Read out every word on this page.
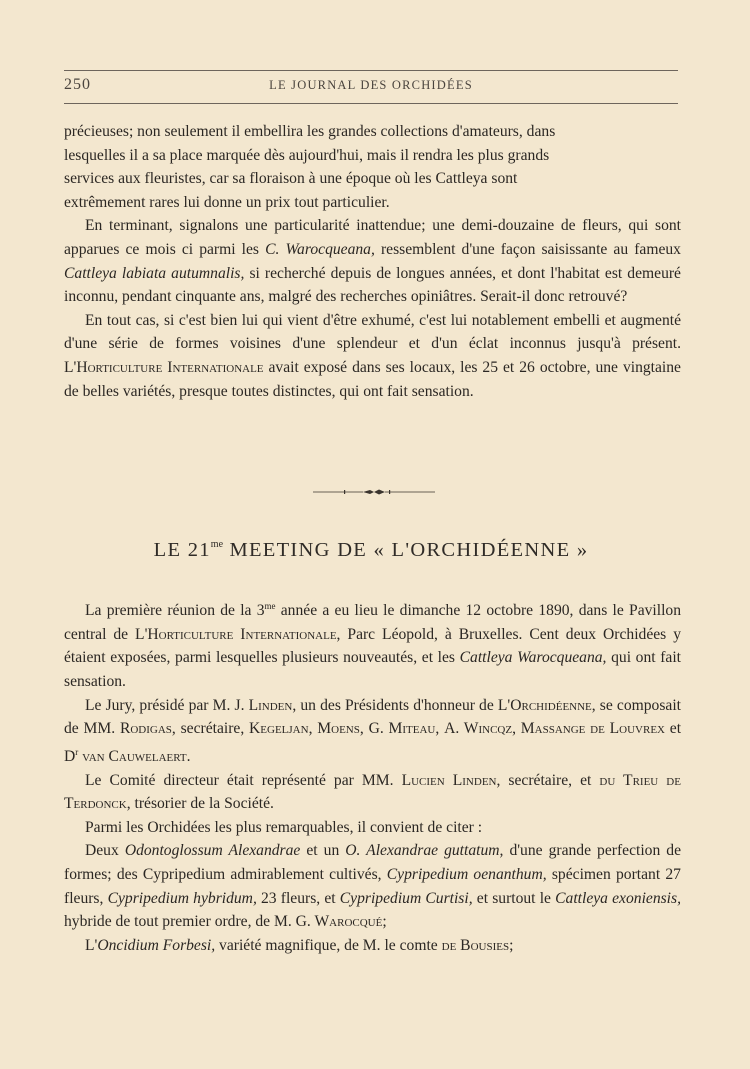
250	LE JOURNAL DES ORCHIDÉES

précieuses; non seulement il embellira les grandes collections d'amateurs, dans
lesquelles il a sa place marquée dès aujourd'hui, mais il rendra les plus grands
services aux fleuristes, car sa floraison à une époque où les Cattleya sont
extrêmement rares lui donne un prix tout particulier.

En terminant, signalons une particularité inattendue; une demi-douzaine de fleurs, qui sont apparues ce mois ci parmi les C. Warocqueana, ressemblent d'une façon saisissante au fameux Cattleya labiata autumnalis, si recherché depuis de longues années, et dont l'habitat est demeuré inconnu, pendant cinquante ans, malgré des recherches opiniâtres. Serait-il donc retrouvé?

En tout cas, si c'est bien lui qui vient d'être exhumé, c'est lui notablement embelli et augmenté d'une série de formes voisines d'une splendeur et d'un éclat inconnus jusqu'à présent. L'Horticulture Internationale avait exposé dans ses locaux, les 25 et 26 octobre, une vingtaine de belles variétés, presque toutes distinctes, qui ont fait sensation.

LE $21^{me}$ MEETING DE « L'ORCHIDÉENNE »

La première réunion de la $3^{me}$ année a eu lieu le dimanche 12 octobre 1890, dans le Pavillon central de L'Horticulture Internationale, Parc Léopold, à Bruxelles. Cent deux Orchidées y étaient exposées, parmi lesquelles plusieurs nouveautés, et les Cattleya Warocqueana, qui ont fait sensation.

Le Jury, présidé par M. J. Linden, un des Présidents d'honneur de L'Orchidéenne, se composait de MM. Rodigas, secrétaire, Kegeljan, Moens, G. Miteau, A. Wincqz, Massange de Louvrex et $D^r$ van Cauwelaert.

Le Comité directeur était représenté par MM. Lucien Linden, secrétaire, et du Trieu de Terdonck, trésorier de la Société.

Parmi les Orchidées les plus remarquables, il convient de citer :

Deux Odontoglossum Alexandrae et un O. Alexandrae guttatum, d'une grande perfection de formes; des Cypripedium admirablement cultivés, Cypripedium oenanthum, spécimen portant 27 fleurs, Cypripedium hybridum, 23 fleurs, et Cypripedium Curtisi, et surtout le Cattleya exoniensis, hybride de tout premier ordre, de M. G. Warocqué;

L'Oncidium Forbesi, variété magnifique, de M. le comte de Bousies;
